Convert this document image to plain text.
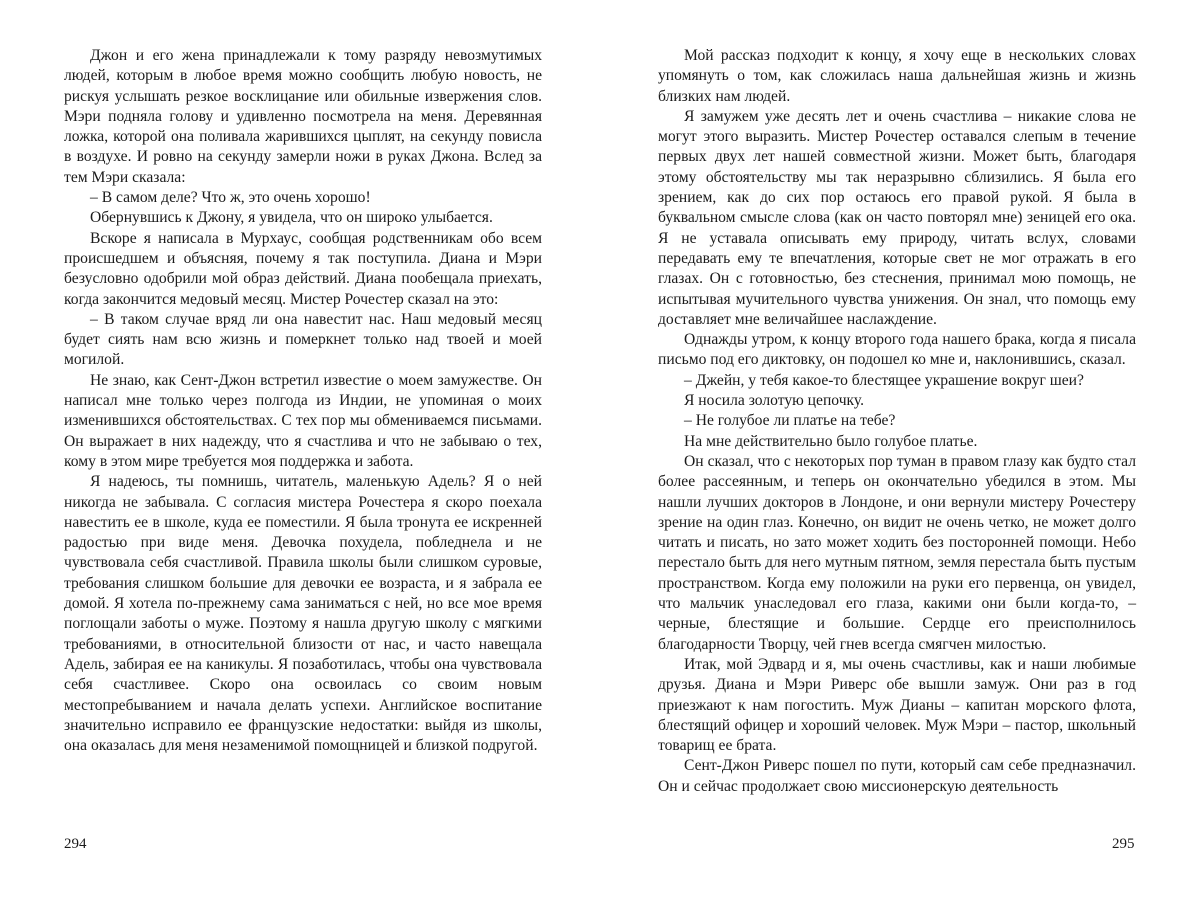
Джон и его жена принадлежали к тому разряду невозмутимых людей, которым в любое время можно сообщить любую новость, не рискуя услышать резкое восклицание или обильные извержения слов. Мэри подняла голову и удивленно посмотрела на меня. Деревянная ложка, которой она поливала жарившихся цыплят, на секунду повисла в воздухе. И ровно на секунду замерли ножи в руках Джона. Вслед за тем Мэри сказала:

– В самом деле? Что ж, это очень хорошо!

Обернувшись к Джону, я увидела, что он широко улыбается.

Вскоре я написала в Мурхаус, сообщая родственникам обо всем происшедшем и объясняя, почему я так поступила. Диана и Мэри безусловно одобрили мой образ действий. Диана пообещала приехать, когда закончится медовый месяц. Мистер Рочестер сказал на это:

– В таком случае вряд ли она навестит нас. Наш медовый месяц будет сиять нам всю жизнь и померкнет только над твоей и моей могилой.

Не знаю, как Сент-Джон встретил известие о моем замужестве. Он написал мне только через полгода из Индии, не упоминая о моих изменившихся обстоятельствах. С тех пор мы обмениваемся письмами. Он выражает в них надежду, что я счастлива и что не забываю о тех, кому в этом мире требуется моя поддержка и забота.

Я надеюсь, ты помнишь, читатель, маленькую Адель? Я о ней никогда не забывала. С согласия мистера Рочестера я скоро поехала навестить ее в школе, куда ее поместили. Я была тронута ее искренней радостью при виде меня. Девочка похудела, побледнела и не чувствовала себя счастливой. Правила школы были слишком суровые, требования слишком большие для девочки ее возраста, и я забрала ее домой. Я хотела по-прежнему сама заниматься с ней, но все мое время поглощали заботы о муже. Поэтому я нашла другую школу с мягкими требованиями, в относительной близости от нас, и часто навещала Адель, забирая ее на каникулы. Я позаботилась, чтобы она чувствовала себя счастливее. Скоро она освоилась со своим новым местопребыванием и начала делать успехи. Английское воспитание значительно исправило ее французские недостатки: выйдя из школы, она оказалась для меня незаменимой помощницей и близкой подругой.

294

Мой рассказ подходит к концу, я хочу еще в нескольких словах упомянуть о том, как сложилась наша дальнейшая жизнь и жизнь близких нам людей.

Я замужем уже десять лет и очень счастлива – никакие слова не могут этого выразить. Мистер Рочестер оставался слепым в течение первых двух лет нашей совместной жизни. Может быть, благодаря этому обстоятельству мы так неразрывно сблизились. Я была его зрением, как до сих пор остаюсь его правой рукой. Я была в буквальном смысле слова (как он часто повторял мне) зеницей его ока. Я не уставала описывать ему природу, читать вслух, словами передавать ему те впечатления, которые свет не мог отражать в его глазах. Он с готовностью, без стеснения, принимал мою помощь, не испытывая мучительного чувства унижения. Он знал, что помощь ему доставляет мне величайшее наслаждение.

Однажды утром, к концу второго года нашего брака, когда я писала письмо под его диктовку, он подошел ко мне и, наклонившись, сказал.

– Джейн, у тебя какое-то блестящее украшение вокруг шеи?

Я носила золотую цепочку.

– Не голубое ли платье на тебе?

На мне действительно было голубое платье.

Он сказал, что с некоторых пор туман в правом глазу как будто стал более рассеянным, и теперь он окончательно убедился в этом. Мы нашли лучших докторов в Лондоне, и они вернули мистеру Рочестеру зрение на один глаз. Конечно, он видит не очень четко, не может долго читать и писать, но зато может ходить без посторонней помощи. Небо перестало быть для него мутным пятном, земля перестала быть пустым пространством. Когда ему положили на руки его первенца, он увидел, что мальчик унаследовал его глаза, какими они были когда-то, – черные, блестящие и большие. Сердце его преисполнилось благодарности Творцу, чей гнев всегда смягчен милостью.

Итак, мой Эдвард и я, мы очень счастливы, как и наши любимые друзья. Диана и Мэри Риверс обе вышли замуж. Они раз в год приезжают к нам погостить. Муж Дианы – капитан морского флота, блестящий офицер и хороший человек. Муж Мэри – пастор, школьный товарищ ее брата.

Сент-Джон Риверс пошел по пути, который сам себе предназначил. Он и сейчас продолжает свою миссионерскую деятельность

295
